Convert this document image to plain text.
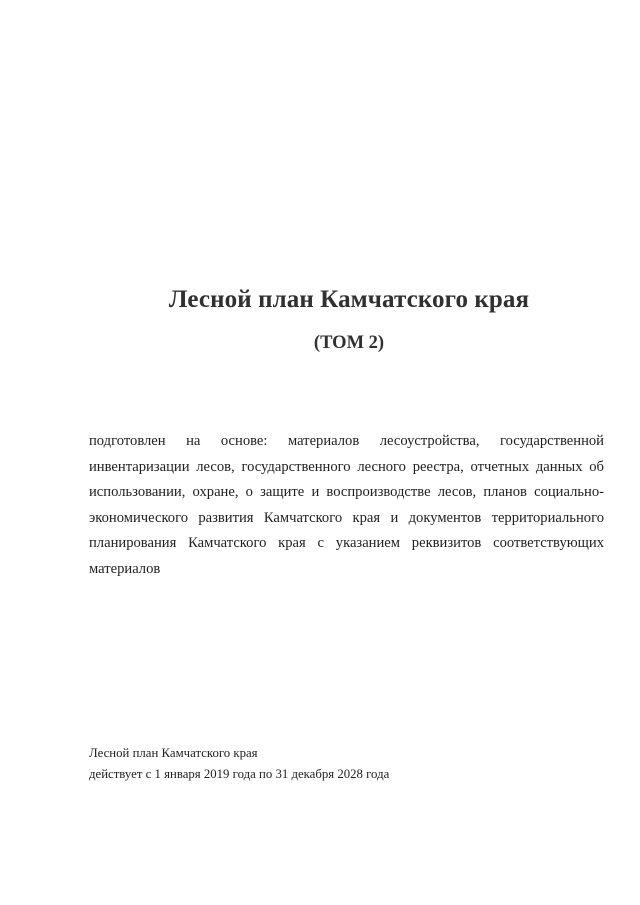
Лесной план Камчатского края
(ТОМ 2)
подготовлен на основе: материалов лесоустройства, государственной инвентаризации лесов, государственного лесного реестра, отчетных данных об использовании, охране, о защите и воспроизводстве лесов, планов социально-экономического развития Камчатского края и документов территориального планирования Камчатского края с указанием реквизитов соответствующих материалов
Лесной план Камчатского края
действует с 1 января 2019 года по 31 декабря 2028 года
